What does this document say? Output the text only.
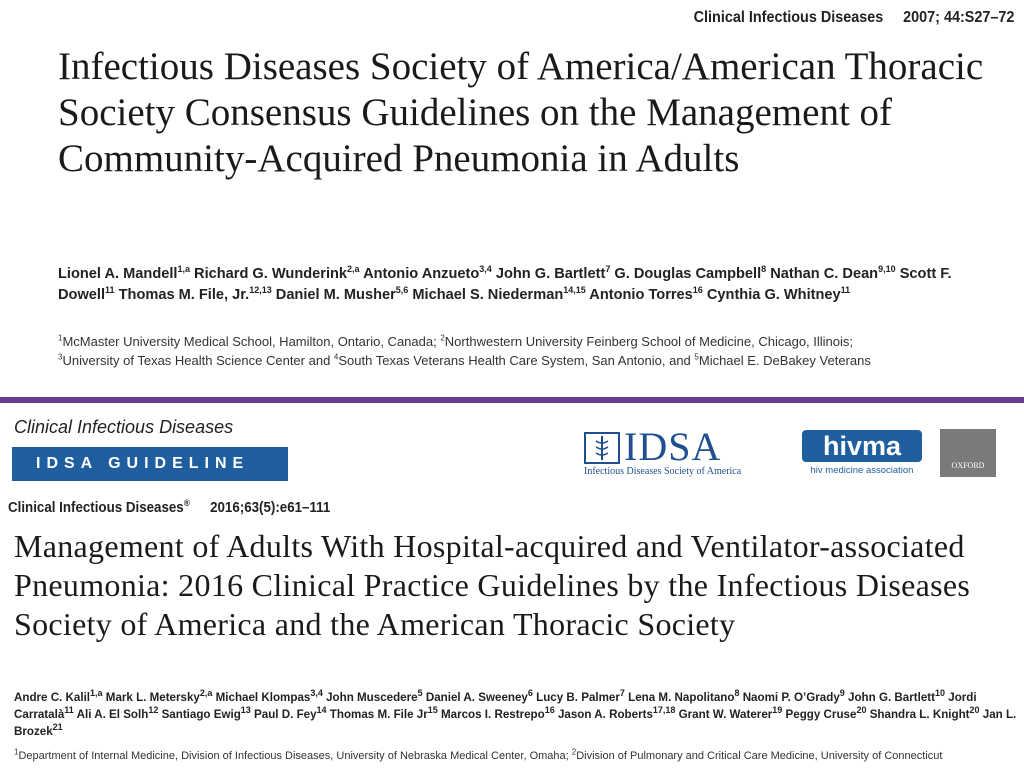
Clinical Infectious Diseases 2007; 44:S27–72
Infectious Diseases Society of America/American Thoracic Society Consensus Guidelines on the Management of Community-Acquired Pneumonia in Adults

Lionel A. Mandell$^{1,a}$ Richard G. Wunderink$^{2,a}$ Antonio Anzueto$^{3,4}$ John G. Bartlett$^7$ G. Douglas Campbell$^8$ Nathan C. Dean$^{9,10}$ Scott F. Dowell$^{11}$ Thomas M. File, Jr.$^{12,13}$ Daniel M. Musher$^{5,6}$ Michael S. Niederman$^{14,15}$ Antonio Torres$^{16}$ Cynthia G. Whitney$^{11}$

$^1$McMaster University Medical School, Hamilton, Ontario, Canada; $^2$Northwestern University Feinberg School of Medicine, Chicago, Illinois;
$^3$University of Texas Health Science Center and $^4$South Texas Veterans Health Care System, San Antonio, and $^5$Michael E. DeBakey Veterans
Clinical Infectious Diseases
IDSA GUIDELINE	IDSA
Infectious Diseases Society of America
hivma
hiv medicine association	OXFORD
Clinical Infectious Diseases® 2016;63(5):e61–111
Management of Adults With Hospital-acquired and Ventilator-associated Pneumonia: 2016 Clinical Practice Guidelines by the Infectious Diseases Society of America and the American Thoracic Society

Andre C. Kalil$^{1,a}$ Mark L. Metersky$^{2,a}$ Michael Klompas$^{3,4}$ John Muscedere$^5$ Daniel A. Sweeney$^6$ Lucy B. Palmer$^7$ Lena M. Napolitano$^8$ Naomi P. O’Grady$^9$ John G. Bartlett$^{10}$ Jordi Carratalà$^{11}$ Ali A. El Solh$^{12}$ Santiago Ewig$^{13}$ Paul D. Fey$^{14}$ Thomas M. File Jr$^{15}$ Marcos I. Restrepo$^{16}$ Jason A. Roberts$^{17,18}$ Grant W. Waterer$^{19}$ Peggy Cruse$^{20}$ Shandra L. Knight$^{20}$ Jan L. Brozek$^{21}$

$^1$Department of Internal Medicine, Division of Infectious Diseases, University of Nebraska Medical Center, Omaha; $^2$Division of Pulmonary and Critical Care Medicine, University of Connecticut
